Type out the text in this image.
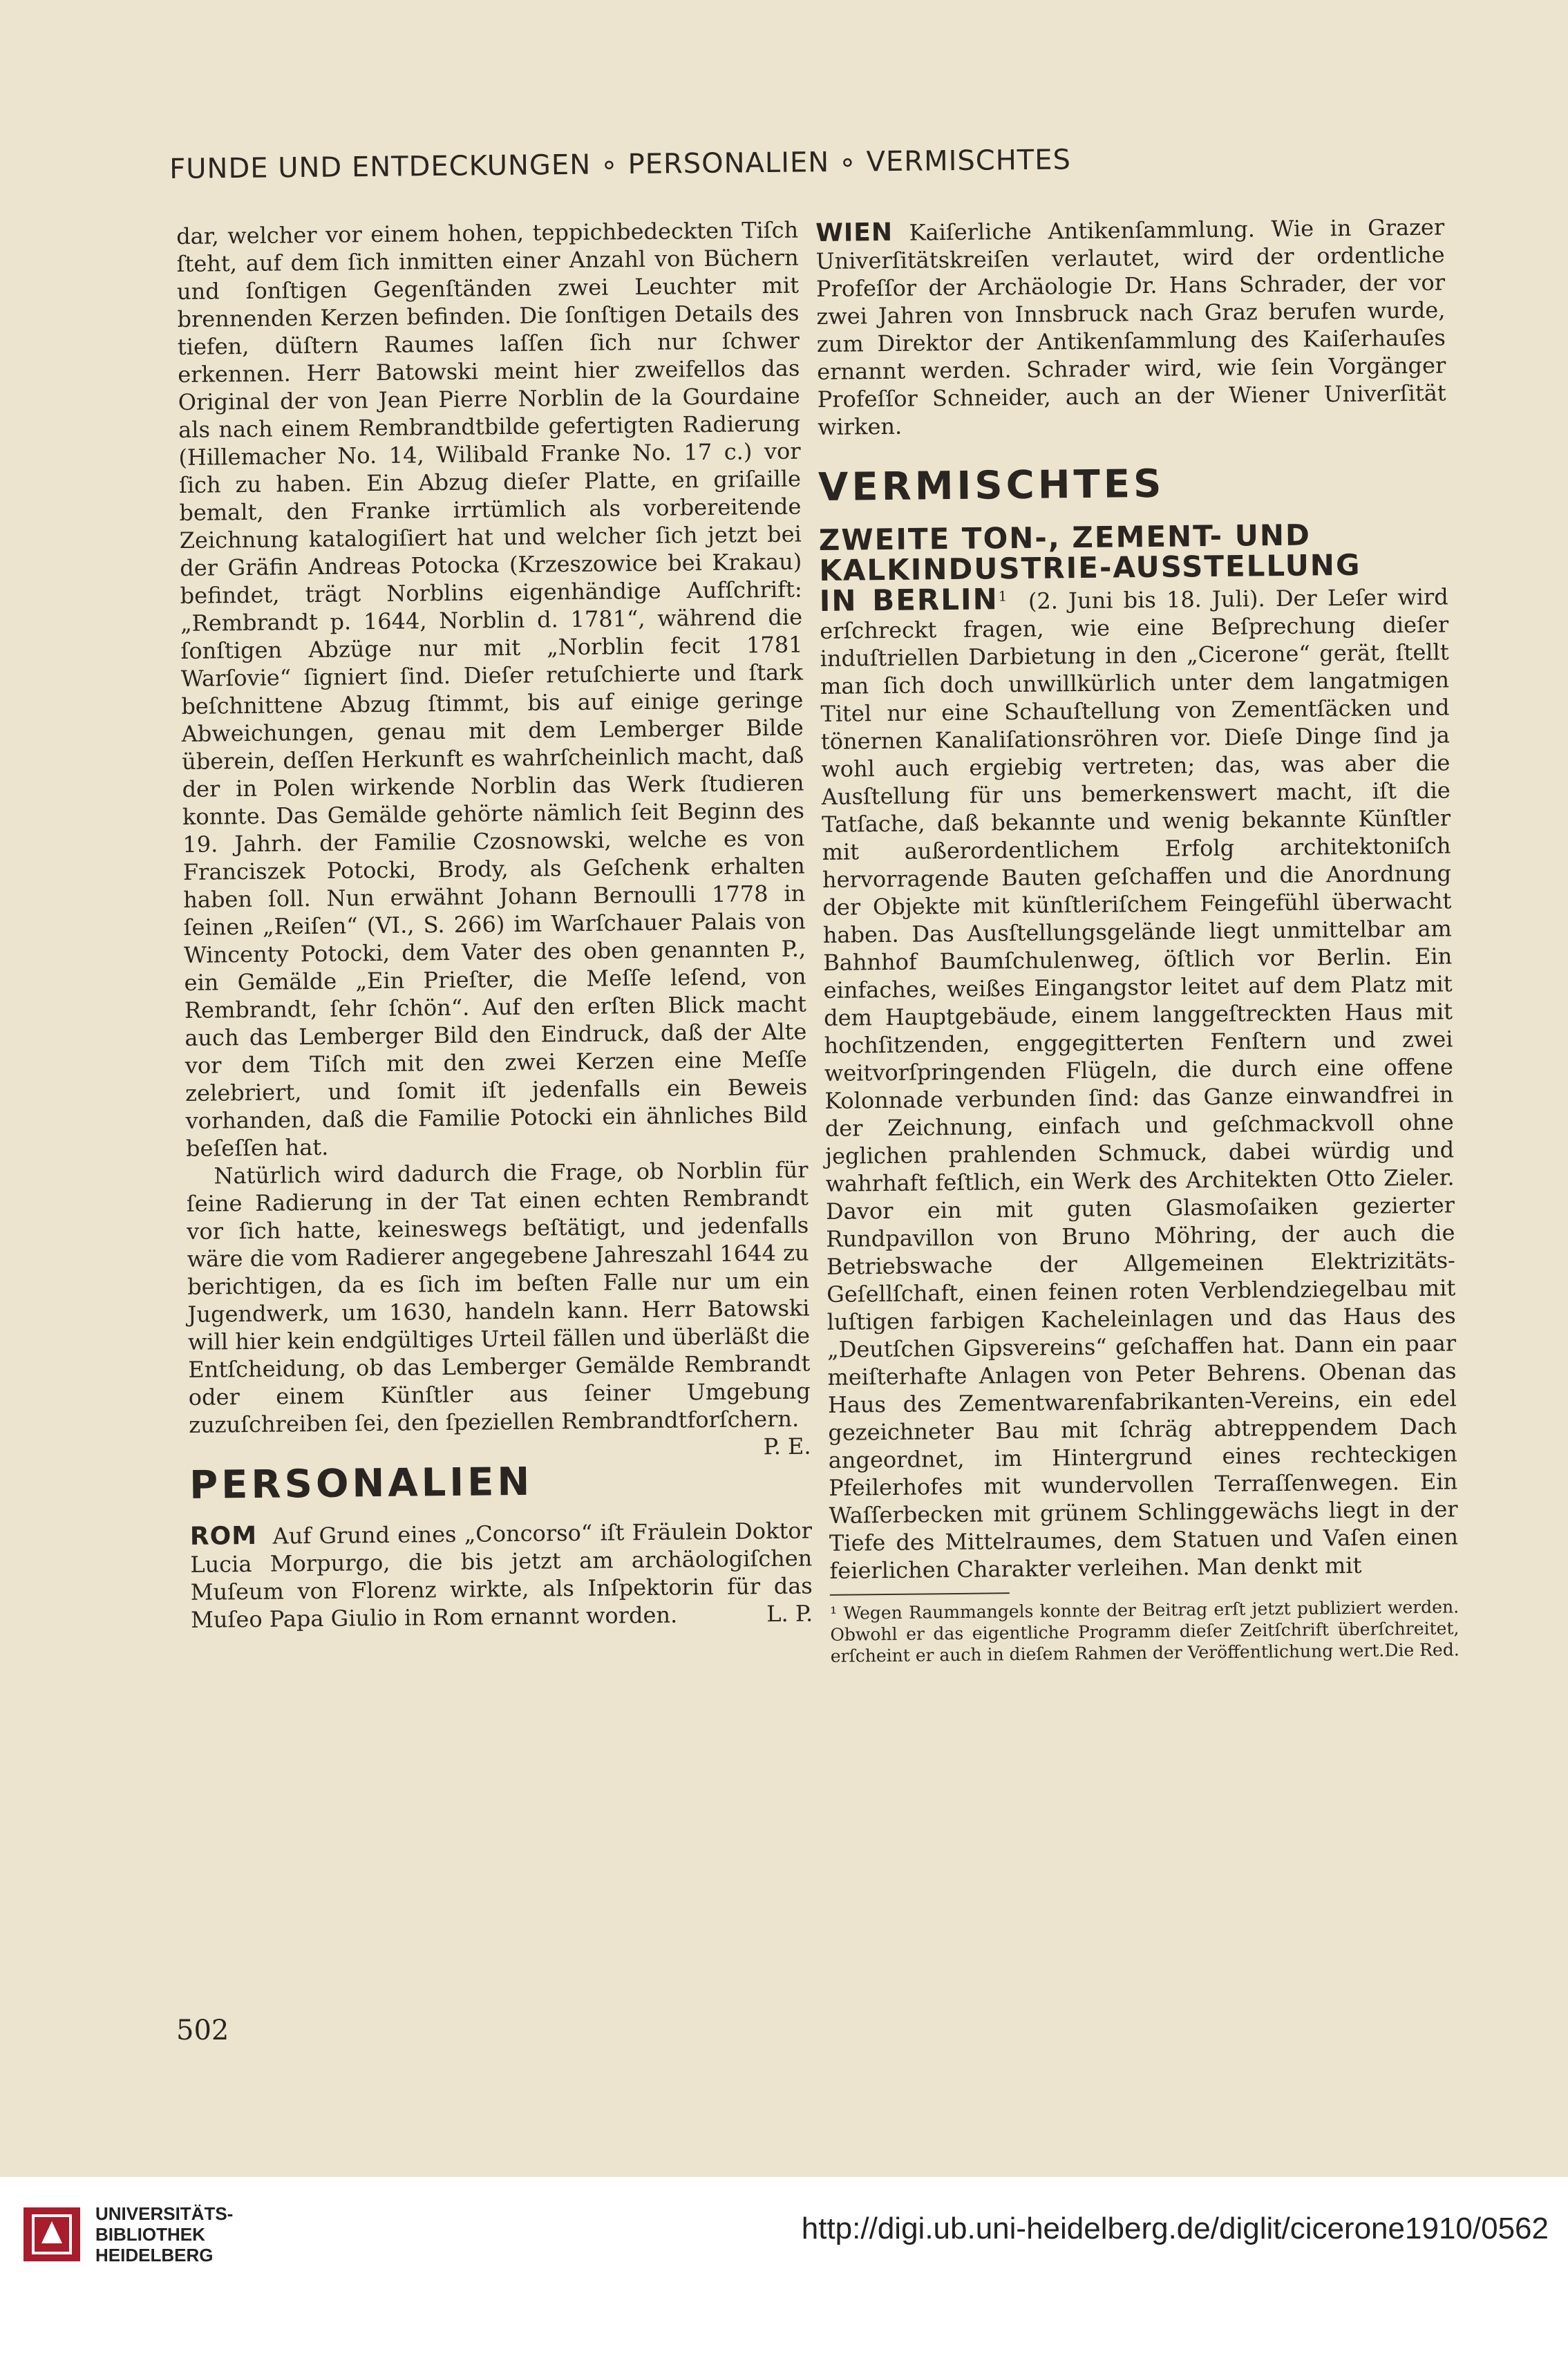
FUNDE UND ENTDECKUNGEN ∘ PERSONALIEN ∘ VERMISCHTES

dar, welcher vor einem hohen, teppichbedeckten Tiſch ſteht, auf dem ſich inmitten einer Anzahl von Büchern und ſonſtigen Gegenſtänden zwei Leuchter mit brennenden Kerzen befinden. Die ſonſtigen Details des tiefen, düſtern Raumes laſſen ſich nur ſchwer erkennen. Herr Batowski meint hier zweifellos das Original der von Jean Pierre Norblin de la Gourdaine als nach einem Rembrandtbilde gefertigten Radierung (Hillemacher No. 14, Wilibald Franke No. 17 c.) vor ſich zu haben. Ein Abzug dieſer Platte, en griſaille bemalt, den Franke irrtümlich als vorbereitende Zeichnung katalogiſiert hat und welcher ſich jetzt bei der Gräfin Andreas Potocka (Krzeszowice bei Krakau) befindet, trägt Norblins eigenhändige Aufſchrift: „Rembrandt p. 1644, Norblin d. 1781“, während die ſonſtigen Abzüge nur mit „Norblin fecit 1781 Warſovie“ ſigniert ſind. Dieſer retuſchierte und ſtark beſchnittene Abzug ſtimmt, bis auf einige geringe Abweichungen, genau mit dem Lemberger Bilde überein, deſſen Herkunft es wahrſcheinlich macht, daß der in Polen wirkende Norblin das Werk ſtudieren konnte. Das Gemälde gehörte nämlich ſeit Beginn des 19. Jahrh. der Familie Czosnowski, welche es von Franciszek Potocki, Brody, als Geſchenk erhalten haben ſoll. Nun erwähnt Johann Bernoulli 1778 in ſeinen „Reiſen“ (VI., S. 266) im Warſchauer Palais von Wincenty Potocki, dem Vater des oben genannten P., ein Gemälde „Ein Prieſter, die Meſſe leſend, von Rembrandt, ſehr ſchön“. Auf den erſten Blick macht auch das Lemberger Bild den Eindruck, daß der Alte vor dem Tiſch mit den zwei Kerzen eine Meſſe zelebriert, und ſomit iſt jedenfalls ein Beweis vorhanden, daß die Familie Potocki ein ähnliches Bild beſeſſen hat.

Natürlich wird dadurch die Frage, ob Norblin für ſeine Radierung in der Tat einen echten Rembrandt vor ſich hatte, keineswegs beſtätigt, und jedenfalls wäre die vom Radierer angegebene Jahreszahl 1644 zu berichtigen, da es ſich im beſten Falle nur um ein Jugendwerk, um 1630, handeln kann. Herr Batowski will hier kein endgültiges Urteil fällen und überläßt die Entſcheidung, ob das Lemberger Gemälde Rembrandt oder einem Künſtler aus ſeiner Umgebung zuzuſchreiben ſei, den ſpeziellen Rembrandtforſchern.
P. E.

PERSONALIEN

ROM Auf Grund eines „Concorso“ iſt Fräulein Doktor Lucia Morpurgo, die bis jetzt am archäologiſchen Muſeum von Florenz wirkte, als Inſpektorin für das Muſeo Papa Giulio in Rom ernannt worden.	L. P.

WIEN Kaiſerliche Antikenſammlung. Wie in Grazer Univerſitätskreiſen verlautet, wird der ordentliche Profeſſor der Archäologie Dr. Hans Schrader, der vor zwei Jahren von Innsbruck nach Graz berufen wurde, zum Direktor der Antikenſammlung des Kaiſerhauſes ernannt werden. Schrader wird, wie ſein Vorgänger Profeſſor Schneider, auch an der Wiener Univerſität wirken.

VERMISCHTES
ZWEITE TON-, ZEMENT- UND KALKINDUSTRIE-AUSSTELLUNG

IN BERLIN$^1$ (2. Juni bis 18. Juli). Der Leſer wird erſchreckt fragen, wie eine Beſprechung dieſer induſtriellen Darbietung in den „Cicerone“ gerät, ſtellt man ſich doch unwillkürlich unter dem langatmigen Titel nur eine Schauſtellung von Zementſäcken und tönernen Kanaliſationsröhren vor. Dieſe Dinge ſind ja wohl auch ergiebig vertreten; das, was aber die Ausſtellung für uns bemerkenswert macht, iſt die Tatſache, daß bekannte und wenig bekannte Künſtler mit außerordentlichem Erfolg architektoniſch hervorragende Bauten geſchaffen und die Anordnung der Objekte mit künſtleriſchem Feingefühl überwacht haben. Das Ausſtellungsgelände liegt unmittelbar am Bahnhof Baumſchulenweg, öſtlich vor Berlin. Ein einfaches, weißes Eingangstor leitet auf dem Platz mit dem Hauptgebäude, einem langgeſtreckten Haus mit hochſitzenden, enggegitterten Fenſtern und zwei weitvorſpringenden Flügeln, die durch eine offene Kolonnade verbunden ſind: das Ganze einwandfrei in der Zeichnung, einfach und geſchmackvoll ohne jeglichen prahlenden Schmuck, dabei würdig und wahrhaft feſtlich, ein Werk des Architekten Otto Zieler. Davor ein mit guten Glasmoſaiken gezierter Rundpavillon von Bruno Möhring, der auch die Betriebswache der Allgemeinen Elektrizitäts-Geſellſchaft, einen feinen roten Verblendziegelbau mit luſtigen farbigen Kacheleinlagen und das Haus des „Deutſchen Gipsvereins“ geſchaffen hat. Dann ein paar meiſterhafte Anlagen von Peter Behrens. Obenan das Haus des Zementwarenfabrikanten-Vereins, ein edel gezeichneter Bau mit ſchräg abtreppendem Dach angeordnet, im Hintergrund eines rechteckigen Pfeilerhofes mit wundervollen Terraſſenwegen. Ein Waſſerbecken mit grünem Schlinggewächs liegt in der Tiefe des Mittelraumes, dem Statuen und Vaſen einen feierlichen Charakter verleihen. Man denkt mit

¹ Wegen Raummangels konnte der Beitrag erſt jetzt publiziert werden. Obwohl er das eigentliche Programm dieſer Zeitſchrift überſchreitet, erſcheint er auch in dieſem Rahmen der Veröffentlichung wert. Die Red.

502
UNIVERSITÄTS-
BIBLIOTHEK
HEIDELBERG
http://digi.ub.uni-heidelberg.de/diglit/cicerone1910/0562
